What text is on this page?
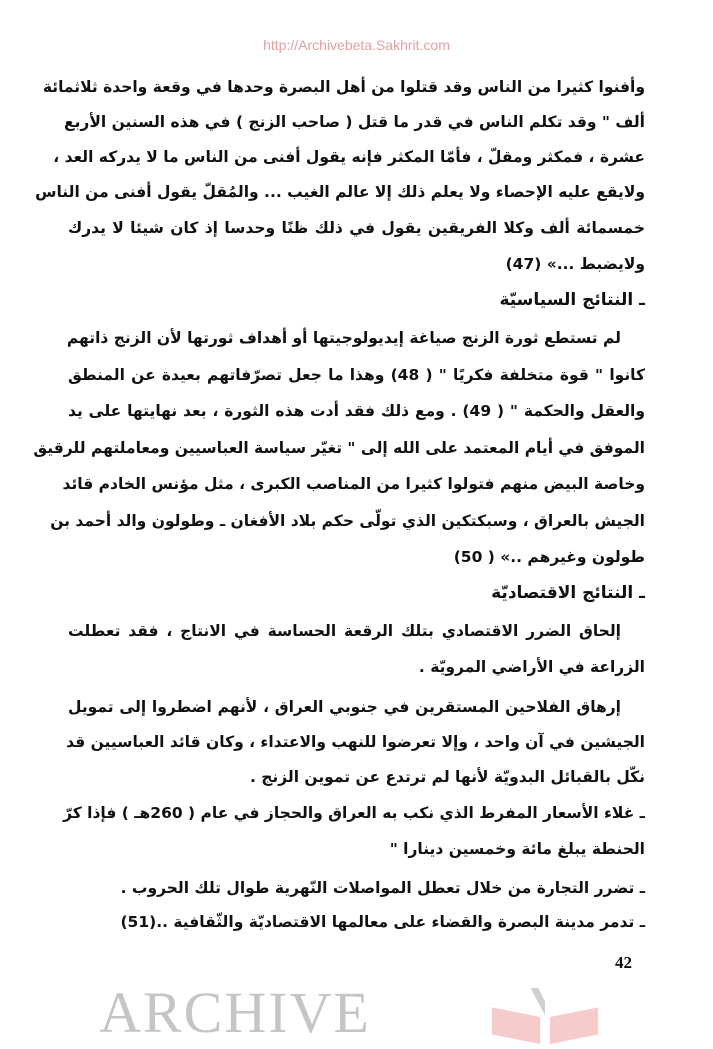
http://Archivebeta.Sakhrit.com
وأفنوا كثيرا من الناس وقد قتلوا من أهل البصرة وحدها في وقعة واحدة ثلاثمائة
ألف " وقد تكلم الناس في قدر ما قتل ( صاحب الزنج ) في هذه السنين الأربع
عشرة ، فمكثر ومقلّ ، فأمّا المكثر فإنه يقول أفنى من الناس ما لا يدركه العد ،
ولايقع عليه الإحصاء ولا يعلم ذلك إلا عالم الغيب ... والمُقلّ يقول أفنى من الناس
خمسمائة ألف وكلا الفريقين يقول في ذلك ظنًا وحدسا إذ كان شيئا لا يدرك
ولايضبط ...» (47)
ـ النتائج السياسيّة
لم تستطع ثورة الزنج صياغة إيديولوجيتها أو أهداف ثورتها لأن الزنج ذاتهم
كانوا " قوة متخلفة فكريًا " ( 48) وهذا ما جعل تصرّفاتهم بعيدة عن المنطق
والعقل والحكمة " ( 49) . ومع ذلك فقد أدت هذه الثورة ، بعد نهايتها على يد
الموفق في أيام المعتمد على الله إلى " تغيّر سياسة العباسيين ومعاملتهم للرقيق
وخاصة البيض منهم فتولوا كثيرا من المناصب الكبرى ، مثل مؤنس الخادم قائد
الجيش بالعراق ، وسبكتكين الذي تولّى حكم بلاد الأفغان ـ وطولون والد أحمد بن
طولون وغيرهم ..» ( 50)
ـ النتائج الاقتصاديّة
إلحاق الضرر الاقتصادي بتلك الرقعة الحساسة في الانتاج ، فقد تعطلت
الزراعة في الأراضي المرويّة .
إرهاق الفلاحين المستقرين في جنوبي العراق ، لأنهم اضطروا إلى تمويل
الجيشين في آن واحد ، وإلا تعرضوا للنهب والاعتداء ، وكان قائد العباسيين قد
نكّل بالقبائل البدويّة لأنها لم ترتدع عن تموين الزنج .
ـ غلاء الأسعار المفرط الذي نكب به العراق والحجاز في عام ( 260هـ ) فإذا كرّ
الحنطة يبلغ مائة وخمسين دينارا "
ـ تضرر التجارة من خلال تعطل المواصلات النّهرية طوال تلك الحروب .
ـ تدمر مدينة البصرة والقضاء على معالمها الاقتصاديّة والثّقافية ..(51)
42
ARCHIVE
